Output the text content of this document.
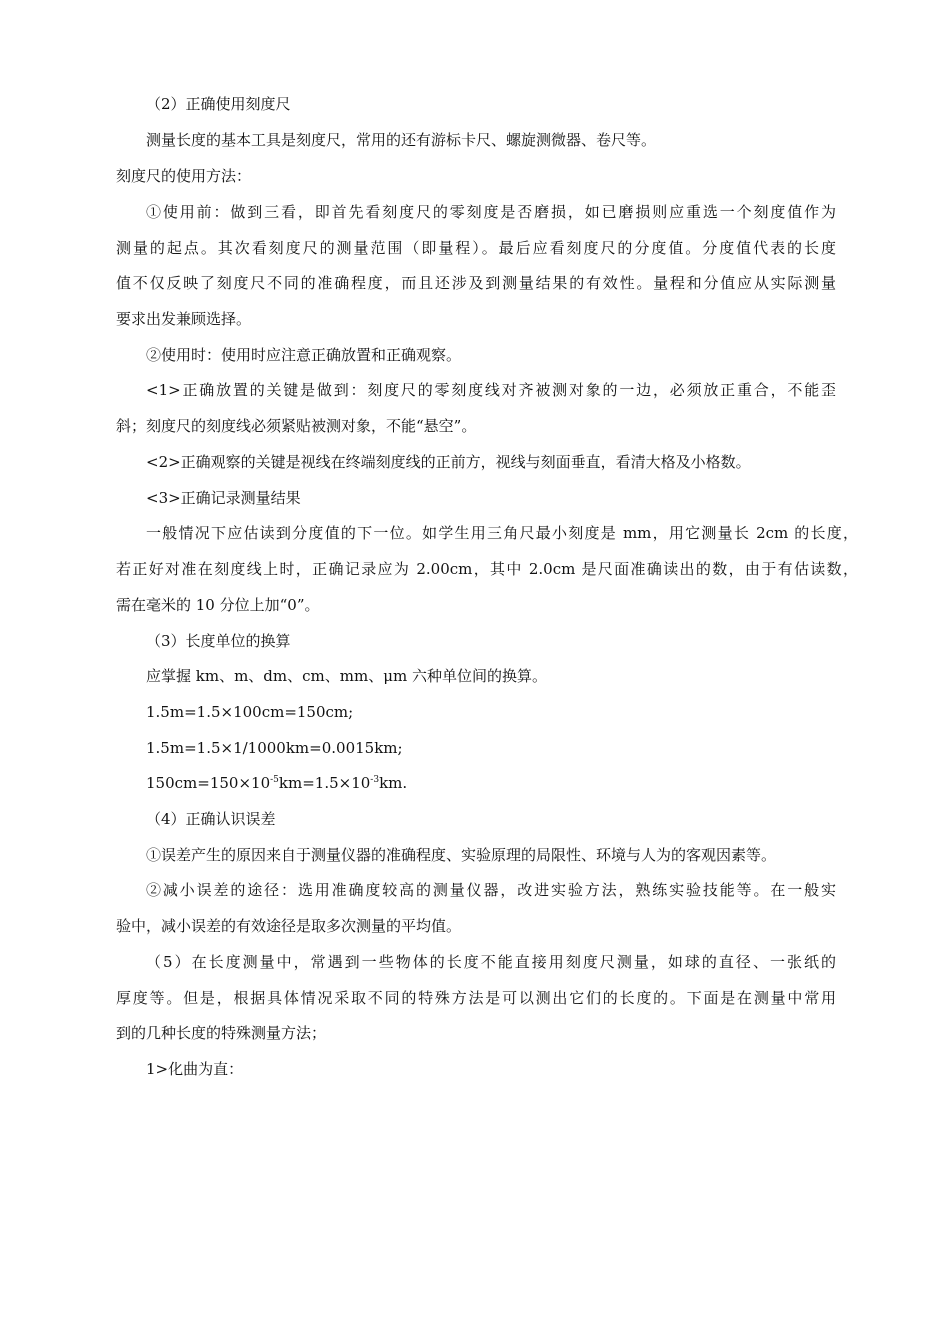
（2）正确使用刻度尺
测量长度的基本工具是刻度尺，常用的还有游标卡尺、螺旋测微器、卷尺等。
刻度尺的使用方法：
①使用前：做到三看，即首先看刻度尺的零刻度是否磨损，如已磨损则应重选一个刻度值作为
测量的起点。其次看刻度尺的测量范围（即量程）。最后应看刻度尺的分度值。分度值代表的长度
值不仅反映了刻度尺不同的准确程度，而且还涉及到测量结果的有效性。量程和分值应从实际测量
要求出发兼顾选择。
②使用时：使用时应注意正确放置和正确观察。
<1>正确放置的关键是做到：刻度尺的零刻度线对齐被测对象的一边，必须放正重合，不能歪
斜；刻度尺的刻度线必须紧贴被测对象，不能“悬空”。
<2>正确观察的关键是视线在终端刻度线的正前方，视线与刻面垂直，看清大格及小格数。
<3>正确记录测量结果
一般情况下应估读到分度值的下一位。如学生用三角尺最小刻度是 mm，用它测量长 2cm 的长度，
若正好对准在刻度线上时，正确记录应为 2.00cm，其中 2.0cm 是尺面准确读出的数，由于有估读数，
需在毫米的 10 分位上加“0”。
（3）长度单位的换算
应掌握 km、m、dm、cm、mm、μm 六种单位间的换算。
1.5m=1.5×100cm=150cm;
1.5m=1.5×1/1000km=0.0015km;
$150cm=150\times 10^{-5}km=1.5\times 10^{-3}km$.
（4）正确认识误差
①误差产生的原因来自于测量仪器的准确程度、实验原理的局限性、环境与人为的客观因素等。
②减小误差的途径：选用准确度较高的测量仪器，改进实验方法，熟练实验技能等。在一般实
验中，减小误差的有效途径是取多次测量的平均值。
（5）在长度测量中，常遇到一些物体的长度不能直接用刻度尺测量，如球的直径、一张纸的
厚度等。但是，根据具体情况采取不同的特殊方法是可以测出它们的长度的。下面是在测量中常用
到的几种长度的特殊测量方法；
1>化曲为直：
